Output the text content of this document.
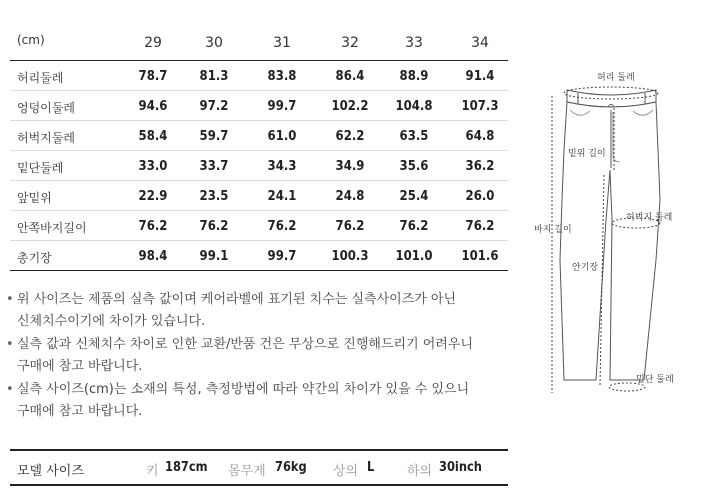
(cm)	29	30	31	32	33	34
허리둘레	78.7	81.3	83.8	86.4	88.9	91.4
엉덩이둘레	94.6	97.2	99.7	102.2	104.8	107.3
허벅지둘레	58.4	59.7	61.0	62.2	63.5	64.8
밑단둘레	33.0	33.7	34.3	34.9	35.6	36.2
앞밑위	22.9	23.5	24.1	24.8	25.4	26.0
안쪽바지길이	76.2	76.2	76.2	76.2	76.2	76.2
총기장	98.4	99.1	99.7	100.3	101.0	101.6
• 위 사이즈는 제품의 실측 값이며 케어라벨에 표기된 치수는 실측사이즈가 아닌
신체치수이기에 차이가 있습니다.
• 실측 값과 신체치수 차이로 인한 교환/반품 건은 무상으로 진행해드리기 어려우니
구매에 참고 바랍니다.
• 실측 사이즈(cm)는 소재의 특성, 측정방법에 따라 약간의 차이가 있을 수 있으니
구매에 참고 바랍니다.
모델 사이즈	키 187cm 몸무게 76kg 상의 L	하의 30inch
허리 둘레
밑위 길이
허벅지 둘레
바지 길이
안기장
밑단 둘레
